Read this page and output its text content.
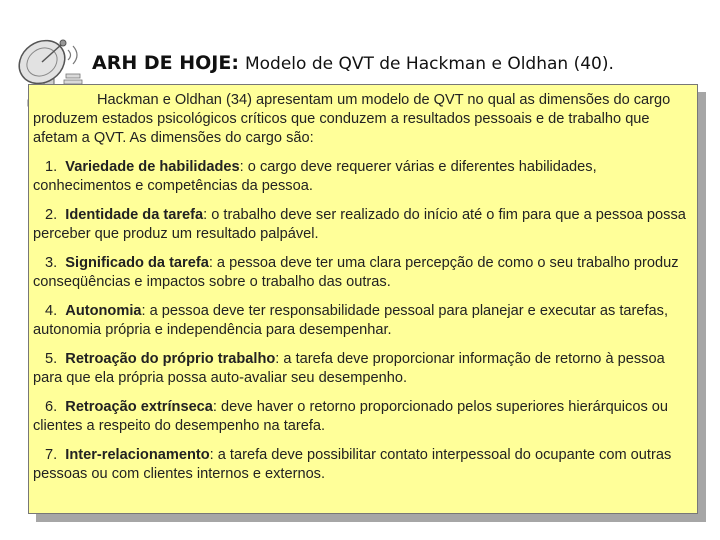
ARH DE HOJE: Modelo de QVT de Hackman e Oldhan (40).

Hackman e Oldhan (34) apresentam um modelo de QVT no qual as dimensões do cargo produzem estados psicológicos críticos que conduzem a resultados pessoais e de trabalho que afetam a QVT. As dimensões do cargo são:

1. Variedade de habilidades: o cargo deve requerer várias e diferentes habilidades, conhecimentos e competências da pessoa.

2. Identidade da tarefa: o trabalho deve ser realizado do início até o fim para que a pessoa possa perceber que produz um resultado palpável.

3. Significado da tarefa: a pessoa deve ter uma clara percepção de como o seu trabalho produz conseqüências e impactos sobre o trabalho das outras.

4. Autonomia: a pessoa deve ter responsabilidade pessoal para planejar e executar as tarefas, autonomia própria e independência para desempenhar.

5. Retroação do próprio trabalho: a tarefa deve proporcionar informação de retorno à pessoa para que ela própria possa auto-avaliar seu desempenho.

6. Retroação extrínseca: deve haver o retorno proporcionado pelos superiores hierárquicos ou clientes a respeito do desempenho na tarefa.

7. Inter-relacionamento: a tarefa deve possibilitar contato interpessoal do ocupante com outras pessoas ou com clientes internos e externos.
